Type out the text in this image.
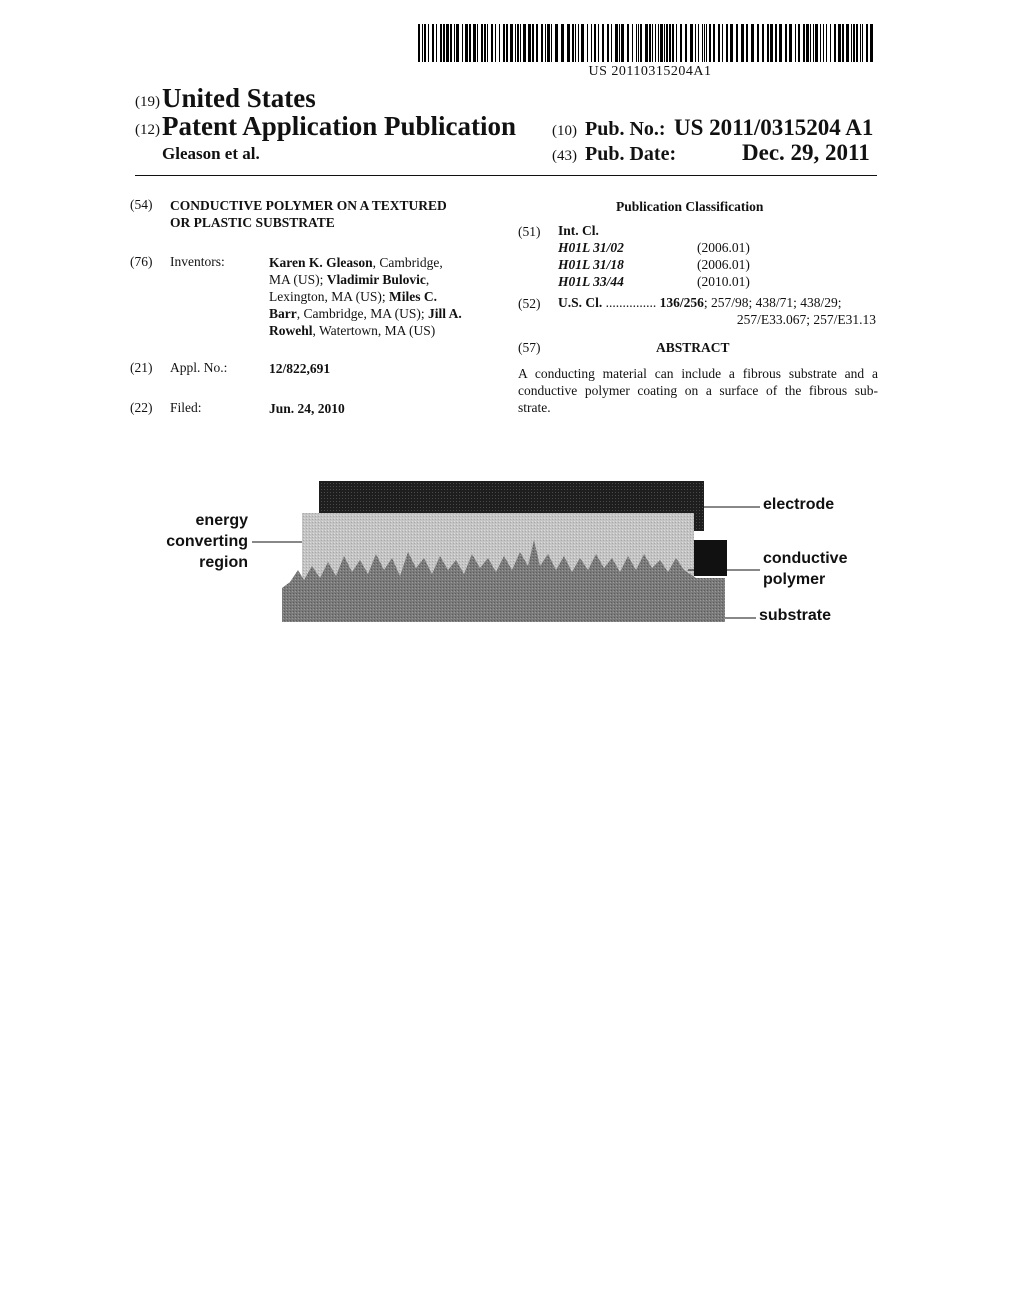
US 20110315204A1
(19) United States
(12) Patent Application Publication
Gleason et al.
(10) Pub. No.: US 2011/0315204 A1
(43) Pub. Date:	Dec. 29, 2011
(54) CONDUCTIVE POLYMER ON A TEXTURED
OR PLASTIC SUBSTRATE
(76) Inventors:	Karen K. Gleason, Cambridge,
MA (US); Vladimir Bulovic,
Lexington, MA (US); Miles C.
Barr, Cambridge, MA (US); Jill A.
Rowehl, Watertown, MA (US)
(21) Appl. No.:	12/822,691
(22) Filed:	Jun. 24, 2010
Publication Classification
(51) Int. Cl.
H01L 31/02	(2006.01)
H01L 31/18	(2006.01)
H01L 33/44	(2010.01)
(52) U.S. Cl. ............... 136/256; 257/98; 438/71; 438/29;
257/E33.067; 257/E31.13
(57)	ABSTRACT
A conducting material can include a fibrous substrate and a
conductive polymer coating on a surface of the fibrous sub-
strate.
energy
converting
region
electrode
conductive
polymer
substrate
